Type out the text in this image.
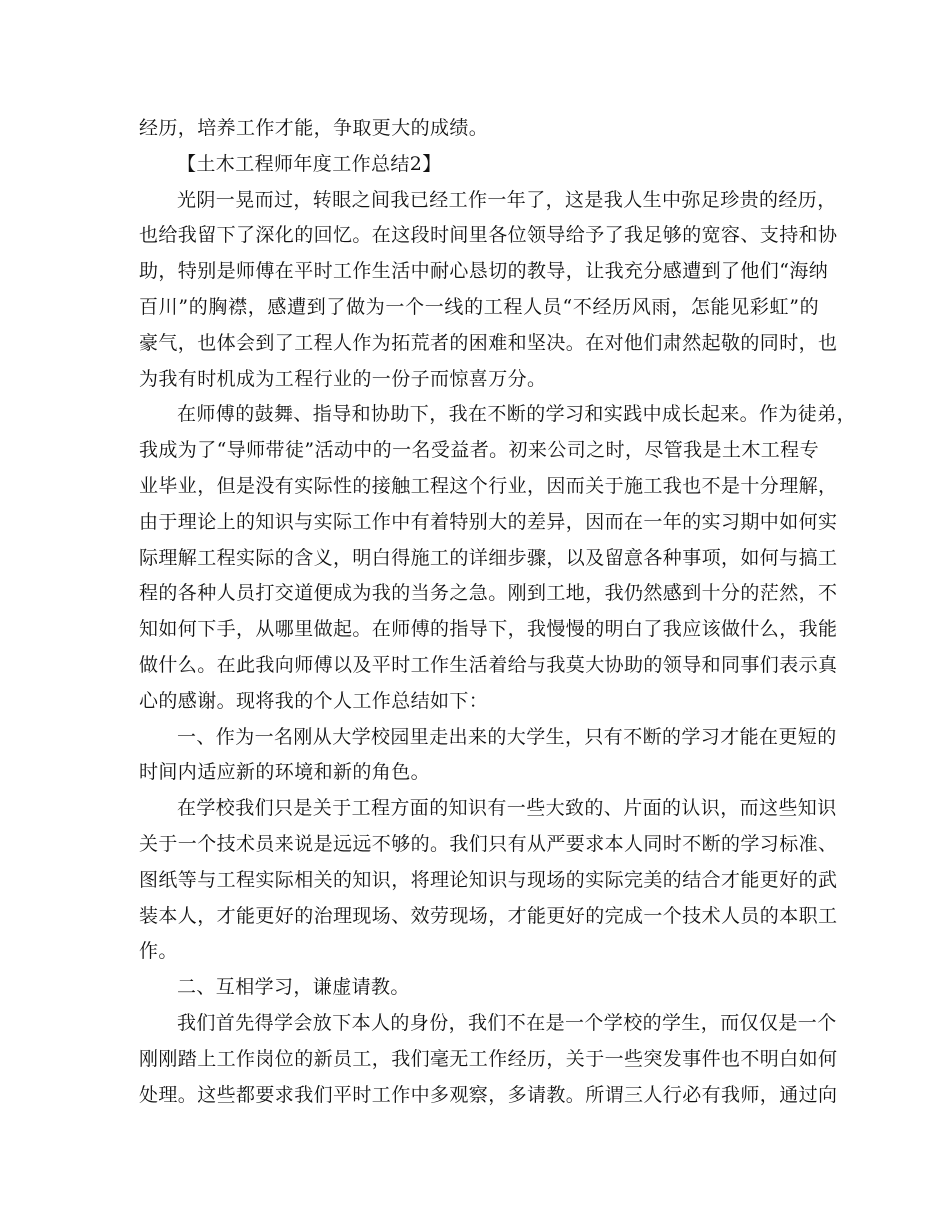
经历，培养工作才能，争取更大的成绩。
【土木工程师年度工作总结2】
光阴一晃而过，转眼之间我已经工作一年了，这是我人生中弥足珍贵的经历，
也给我留下了深化的回忆。在这段时间里各位领导给予了我足够的宽容、支持和协
助，特别是师傅在平时工作生活中耐心恳切的教导，让我充分感遭到了他们“海纳
百川”的胸襟，感遭到了做为一个一线的工程人员“不经历风雨，怎能见彩虹”的
豪气，也体会到了工程人作为拓荒者的困难和坚决。在对他们肃然起敬的同时，也
为我有时机成为工程行业的一份子而惊喜万分。
在师傅的鼓舞、指导和协助下，我在不断的学习和实践中成长起来。作为徒弟，
我成为了“导师带徒”活动中的一名受益者。初来公司之时，尽管我是土木工程专
业毕业，但是没有实际性的接触工程这个行业，因而关于施工我也不是十分理解，
由于理论上的知识与实际工作中有着特别大的差异，因而在一年的实习期中如何实
际理解工程实际的含义，明白得施工的详细步骤，以及留意各种事项，如何与搞工
程的各种人员打交道便成为我的当务之急。刚到工地，我仍然感到十分的茫然，不
知如何下手，从哪里做起。在师傅的指导下，我慢慢的明白了我应该做什么，我能
做什么。在此我向师傅以及平时工作生活着给与我莫大协助的领导和同事们表示真
心的感谢。现将我的个人工作总结如下：
一、作为一名刚从大学校园里走出来的大学生，只有不断的学习才能在更短的
时间内适应新的环境和新的角色。
在学校我们只是关于工程方面的知识有一些大致的、片面的认识，而这些知识
关于一个技术员来说是远远不够的。我们只有从严要求本人同时不断的学习标准、
图纸等与工程实际相关的知识，将理论知识与现场的实际完美的结合才能更好的武
装本人，才能更好的治理现场、效劳现场，才能更好的完成一个技术人员的本职工
作。
二、互相学习，谦虚请教。
我们首先得学会放下本人的身份，我们不在是一个学校的学生，而仅仅是一个
刚刚踏上工作岗位的新员工，我们毫无工作经历，关于一些突发事件也不明白如何
处理。这些都要求我们平时工作中多观察，多请教。所谓三人行必有我师，通过向
